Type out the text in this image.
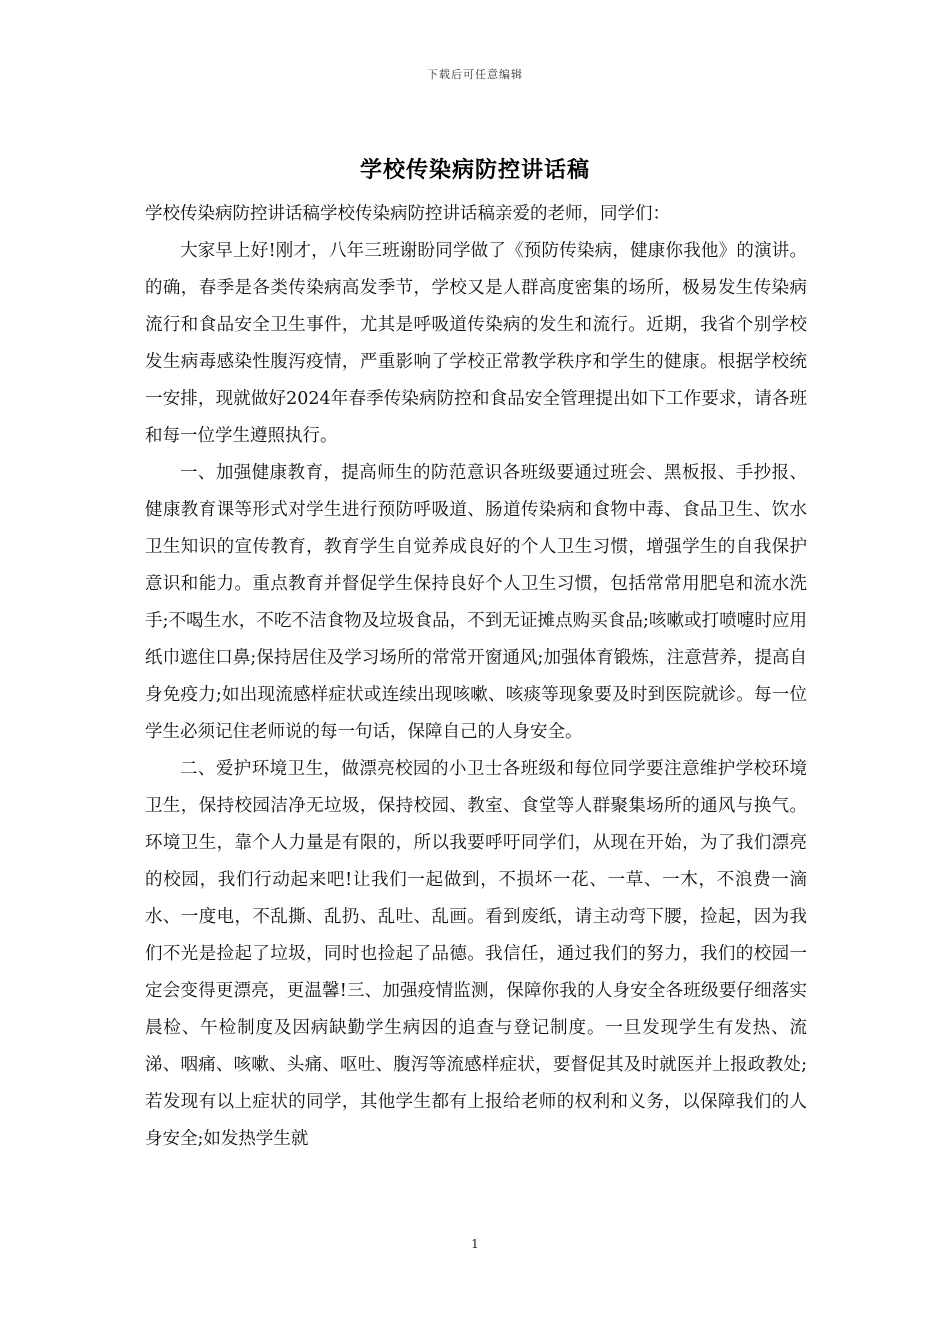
下载后可任意编辑
学校传染病防控讲话稿

学校传染病防控讲话稿学校传染病防控讲话稿亲爱的老师，同学们：

大家早上好!刚才，八年三班谢盼同学做了《预防传染病，健康你我他》的演讲。的确，春季是各类传染病高发季节，学校又是人群高度密集的场所，极易发生传染病流行和食品安全卫生事件，尤其是呼吸道传染病的发生和流行。近期，我省个别学校发生病毒感染性腹泻疫情，严重影响了学校正常教学秩序和学生的健康。根据学校统一安排，现就做好2024年春季传染病防控和食品安全管理提出如下工作要求，请各班和每一位学生遵照执行。

一、加强健康教育，提高师生的防范意识各班级要通过班会、黑板报、手抄报、健康教育课等形式对学生进行预防呼吸道、肠道传染病和食物中毒、食品卫生、饮水卫生知识的宣传教育，教育学生自觉养成良好的个人卫生习惯，增强学生的自我保护意识和能力。重点教育并督促学生保持良好个人卫生习惯，包括常常用肥皂和流水洗手;不喝生水，不吃不洁食物及垃圾食品，不到无证摊点购买食品;咳嗽或打喷嚏时应用纸巾遮住口鼻;保持居住及学习场所的常常开窗通风;加强体育锻炼，注意营养，提高自身免疫力;如出现流感样症状或连续出现咳嗽、咳痰等现象要及时到医院就诊。每一位学生必须记住老师说的每一句话，保障自己的人身安全。

二、爱护环境卫生，做漂亮校园的小卫士各班级和每位同学要注意维护学校环境卫生，保持校园洁净无垃圾，保持校园、教室、食堂等人群聚集场所的通风与换气。环境卫生，靠个人力量是有限的，所以我要呼吁同学们，从现在开始，为了我们漂亮的校园，我们行动起来吧!让我们一起做到，不损坏一花、一草、一木，不浪费一滴水、一度电，不乱撕、乱扔、乱吐、乱画。看到废纸，请主动弯下腰，捡起，因为我们不光是捡起了垃圾，同时也捡起了品德。我信任，通过我们的努力，我们的校园一定会变得更漂亮，更温馨!三、加强疫情监测，保障你我的人身安全各班级要仔细落实晨检、午检制度及因病缺勤学生病因的追查与登记制度。一旦发现学生有发热、流涕、咽痛、咳嗽、头痛、呕吐、腹泻等流感样症状，要督促其及时就医并上报政教处;若发现有以上症状的同学，其他学生都有上报给老师的权利和义务，以保障我们的人身安全;如发热学生就

1
